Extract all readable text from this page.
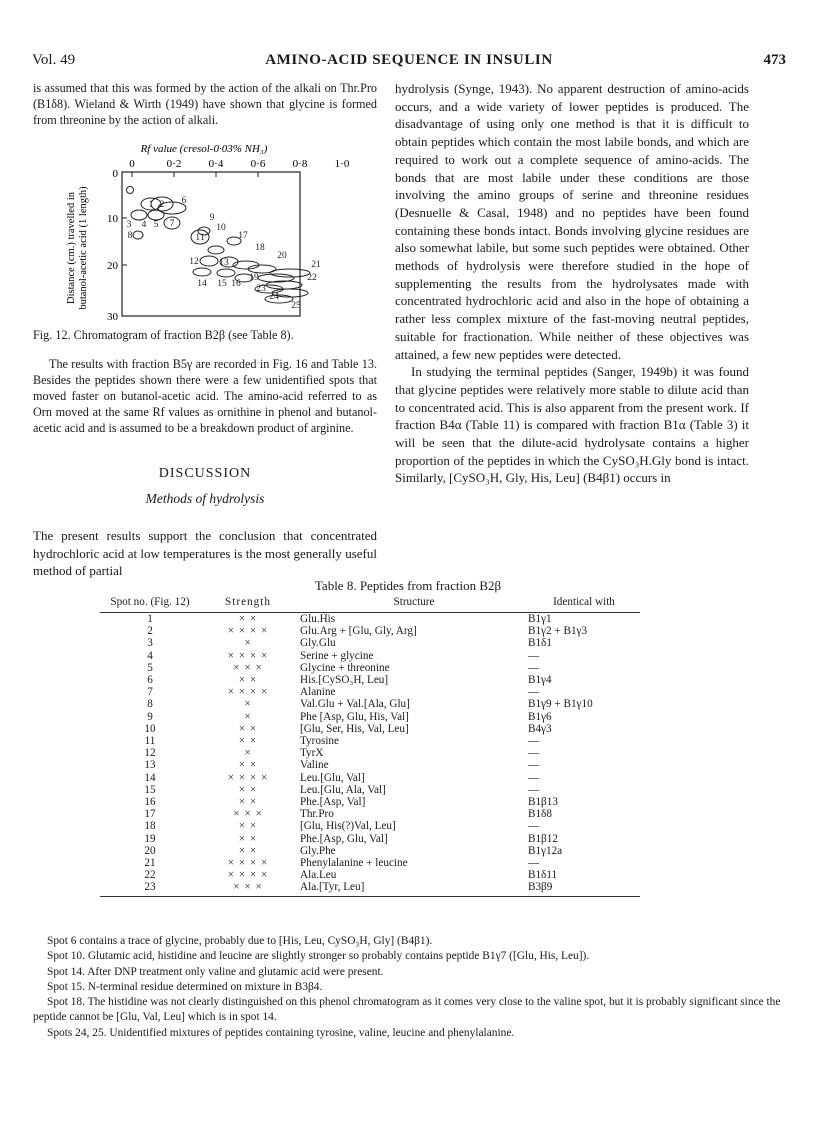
Vol. 49	AMINO-ACID SEQUENCE IN INSULIN	473

is assumed that this was formed by the action of the alkali on Thr.Pro (B1δ8). Wieland & Wirth (1949) have shown that glycine is formed from threonine by the action of alkali.

Rf value (cresol-0·03% NH₃)
0	0·2 0·4 0·6 0·8 1·0
0
10
20
30
Distance (cm.) travelled in butanol-acetic acid (1 length)	1 2
3 4 5
6
7
8
9
10
11
12 13
14 15 16
17
18
19
20
21
22
23
24
25
Fig. 12. Chromatogram of fraction B2β (see Table 8).

The results with fraction B5γ are recorded in Fig. 16 and Table 13. Besides the peptides shown there were a few unidentified spots that moved faster on butanol-acetic acid. The amino-acid referred to as Orn moved at the same Rf values as ornithine in phenol and butanol-acetic acid and is assumed to be a breakdown product of arginine.

DISCUSSION
Methods of hydrolysis

The present results support the conclusion that concentrated hydrochloric acid at low temperatures is the most generally useful method of partial

hydrolysis (Synge, 1943). No apparent destruction of amino-acids occurs, and a wide variety of lower peptides is produced. The disadvantage of using only one method is that it is difficult to obtain peptides which contain the most labile bonds, and which are required to work out a complete sequence of amino-acids. The bonds that are most labile under these conditions are those involving the amino groups of serine and threonine residues (Desnuelle & Casal, 1948) and no peptides have been found containing these bonds intact. Bonds involving glycine residues are also somewhat labile, but some such peptides were obtained. Other methods of hydrolysis were therefore studied in the hope of supplementing the results from the hydrolysates made with concentrated hydrochloric acid and also in the hope of obtaining a rather less complex mixture of the fast-moving neutral peptides, suitable for fractionation. While neither of these objectives was attained, a few new peptides were detected.

In studying the terminal peptides (Sanger, 1949b) it was found that glycine peptides were relatively more stable to dilute acid than to concentrated acid. This is also apparent from the present work. If fraction B4α (Table 11) is compared with fraction B1α (Table 3) it will be seen that the dilute-acid hydrolysate contains a higher proportion of the peptides in which the CySO₃H.Gly bond is intact. Similarly, [CySO₃H, Gly, His, Leu] (B4β1) occurs in

Table 8. Peptides from fraction B2β
Spot no. (Fig. 12)	Strength	Structure	Identical with
1	× ×	Glu.His	B1γ1
2	× × × ×	Glu.Arg + [Glu, Gly, Arg]	B1γ2 + B1γ3
3	×	Gly.Glu	B1δ1
4	× × × ×	Serine + glycine	—
5	× × ×	Glycine + threonine	—
6	× ×	His.[CySO₃H, Leu]	B1γ4
7	× × × ×	Alanine	—
8	×	Val.Glu + Val.[Ala, Glu]	B1γ9 + B1γ10
9	×	Phe [Asp, Glu, His, Val]	B1γ6
10	× ×	[Glu, Ser, His, Val, Leu]	B4γ3
11	× ×	Tyrosine	—
12	×	TyrX	—
13	× ×	Valine	—
14	× × × ×	Leu.[Glu, Val]	—
15	× ×	Leu.[Glu, Ala, Val]	—
16	× ×	Phe.[Asp, Val]	B1β13
17	× × ×	Thr.Pro	B1δ8
18	× ×	[Glu, His(?)Val, Leu]	—
19	× ×	Phe.[Asp, Glu, Val]	B1β12
20	× ×	Gly.Phe	B1γ12a
21	× × × ×	Phenylalanine + leucine	—
22	× × × ×	Ala.Leu	B1δ11
23	× × ×	Ala.[Tyr, Leu]	B3β9

Spot 6 contains a trace of glycine, probably due to [His, Leu, CySO₃H, Gly] (B4β1).

Spot 10. Glutamic acid, histidine and leucine are slightly stronger so probably contains peptide B1γ7 ([Glu, His, Leu]).

Spot 14. After DNP treatment only valine and glutamic acid were present.

Spot 15. N-terminal residue determined on mixture in B3β4.

Spot 18. The histidine was not clearly distinguished on this phenol chromatogram as it comes very close to the valine spot, but it is probably significant since the peptide cannot be [Glu, Val, Leu] which is in spot 14.

Spots 24, 25. Unidentified mixtures of peptides containing tyrosine, valine, leucine and phenylalanine.
